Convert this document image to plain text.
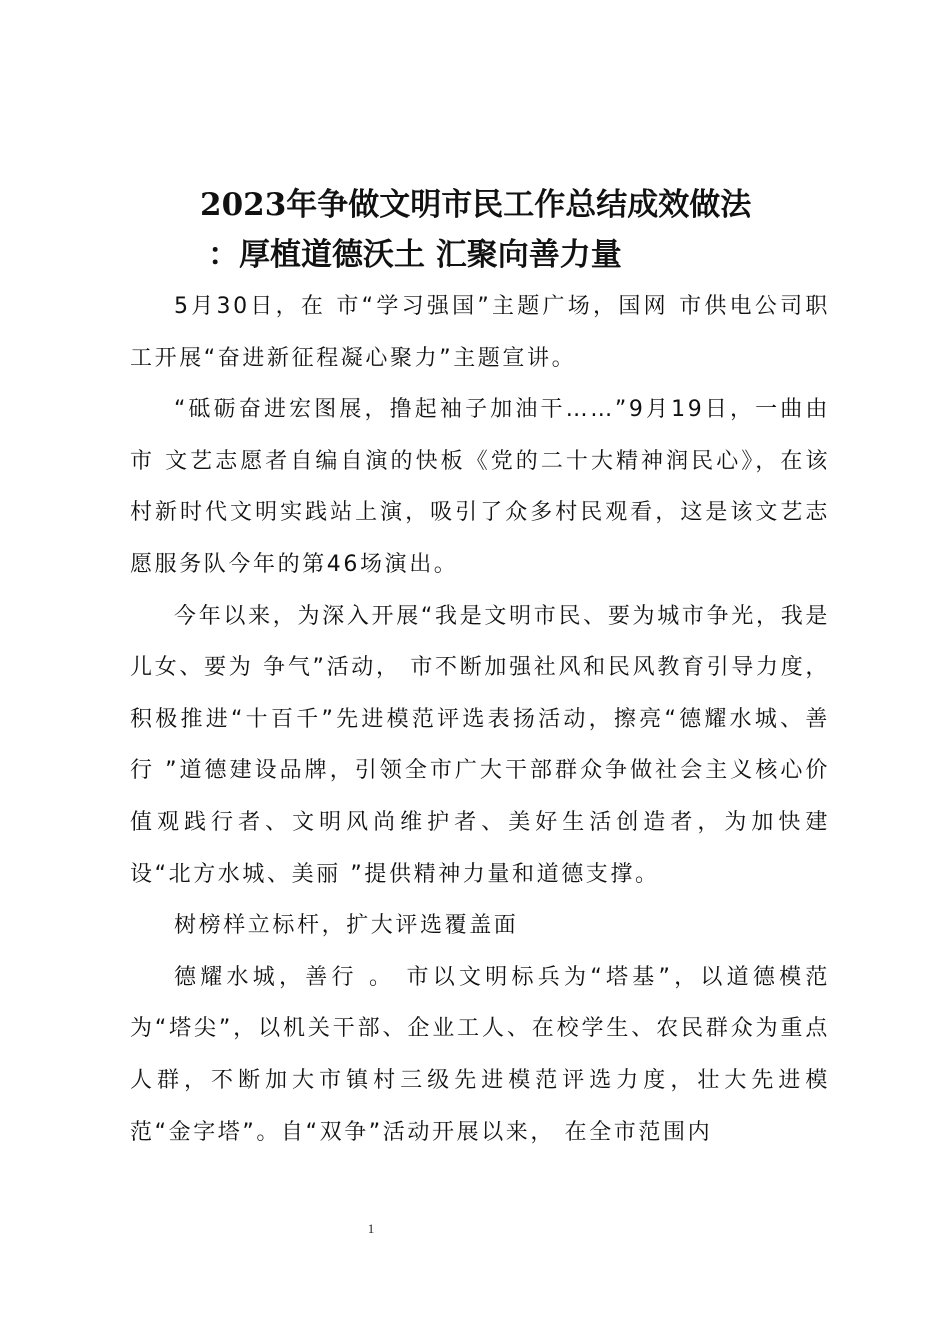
2023年争做文明市民工作总结成效做法
：厚植道德沃土 汇聚向善力量

5月30日，在 市“学习强国”主题广场，国网 市供电公司职工开展“奋进新征程凝心聚力”主题宣讲。

“砥砺奋进宏图展，撸起袖子加油干……”9月19日，一曲由 市 文艺志愿者自编自演的快板《党的二十大精神润民心》，在该村新时代文明实践站上演，吸引了众多村民观看，这是该文艺志愿服务队今年的第46场演出。

今年以来，为深入开展“我是文明市民、要为城市争光，我是 儿女、要为 争气”活动， 市不断加强社风和民风教育引导力度，积极推进“十百千”先进模范评选表扬活动，擦亮“德耀水城、善行 ”道德建设品牌，引领全市广大干部群众争做社会主义核心价值观践行者、文明风尚维护者、美好生活创造者，为加快建设“北方水城、美丽 ”提供精神力量和道德支撑。

树榜样立标杆，扩大评选覆盖面

德耀水城，善行 。 市以文明标兵为“塔基”，以道德模范为“塔尖”，以机关干部、企业工人、在校学生、农民群众为重点人群，不断加大市镇村三级先进模范评选力度，壮大先进模范“金字塔”。自“双争”活动开展以来， 在全市范围内

1
